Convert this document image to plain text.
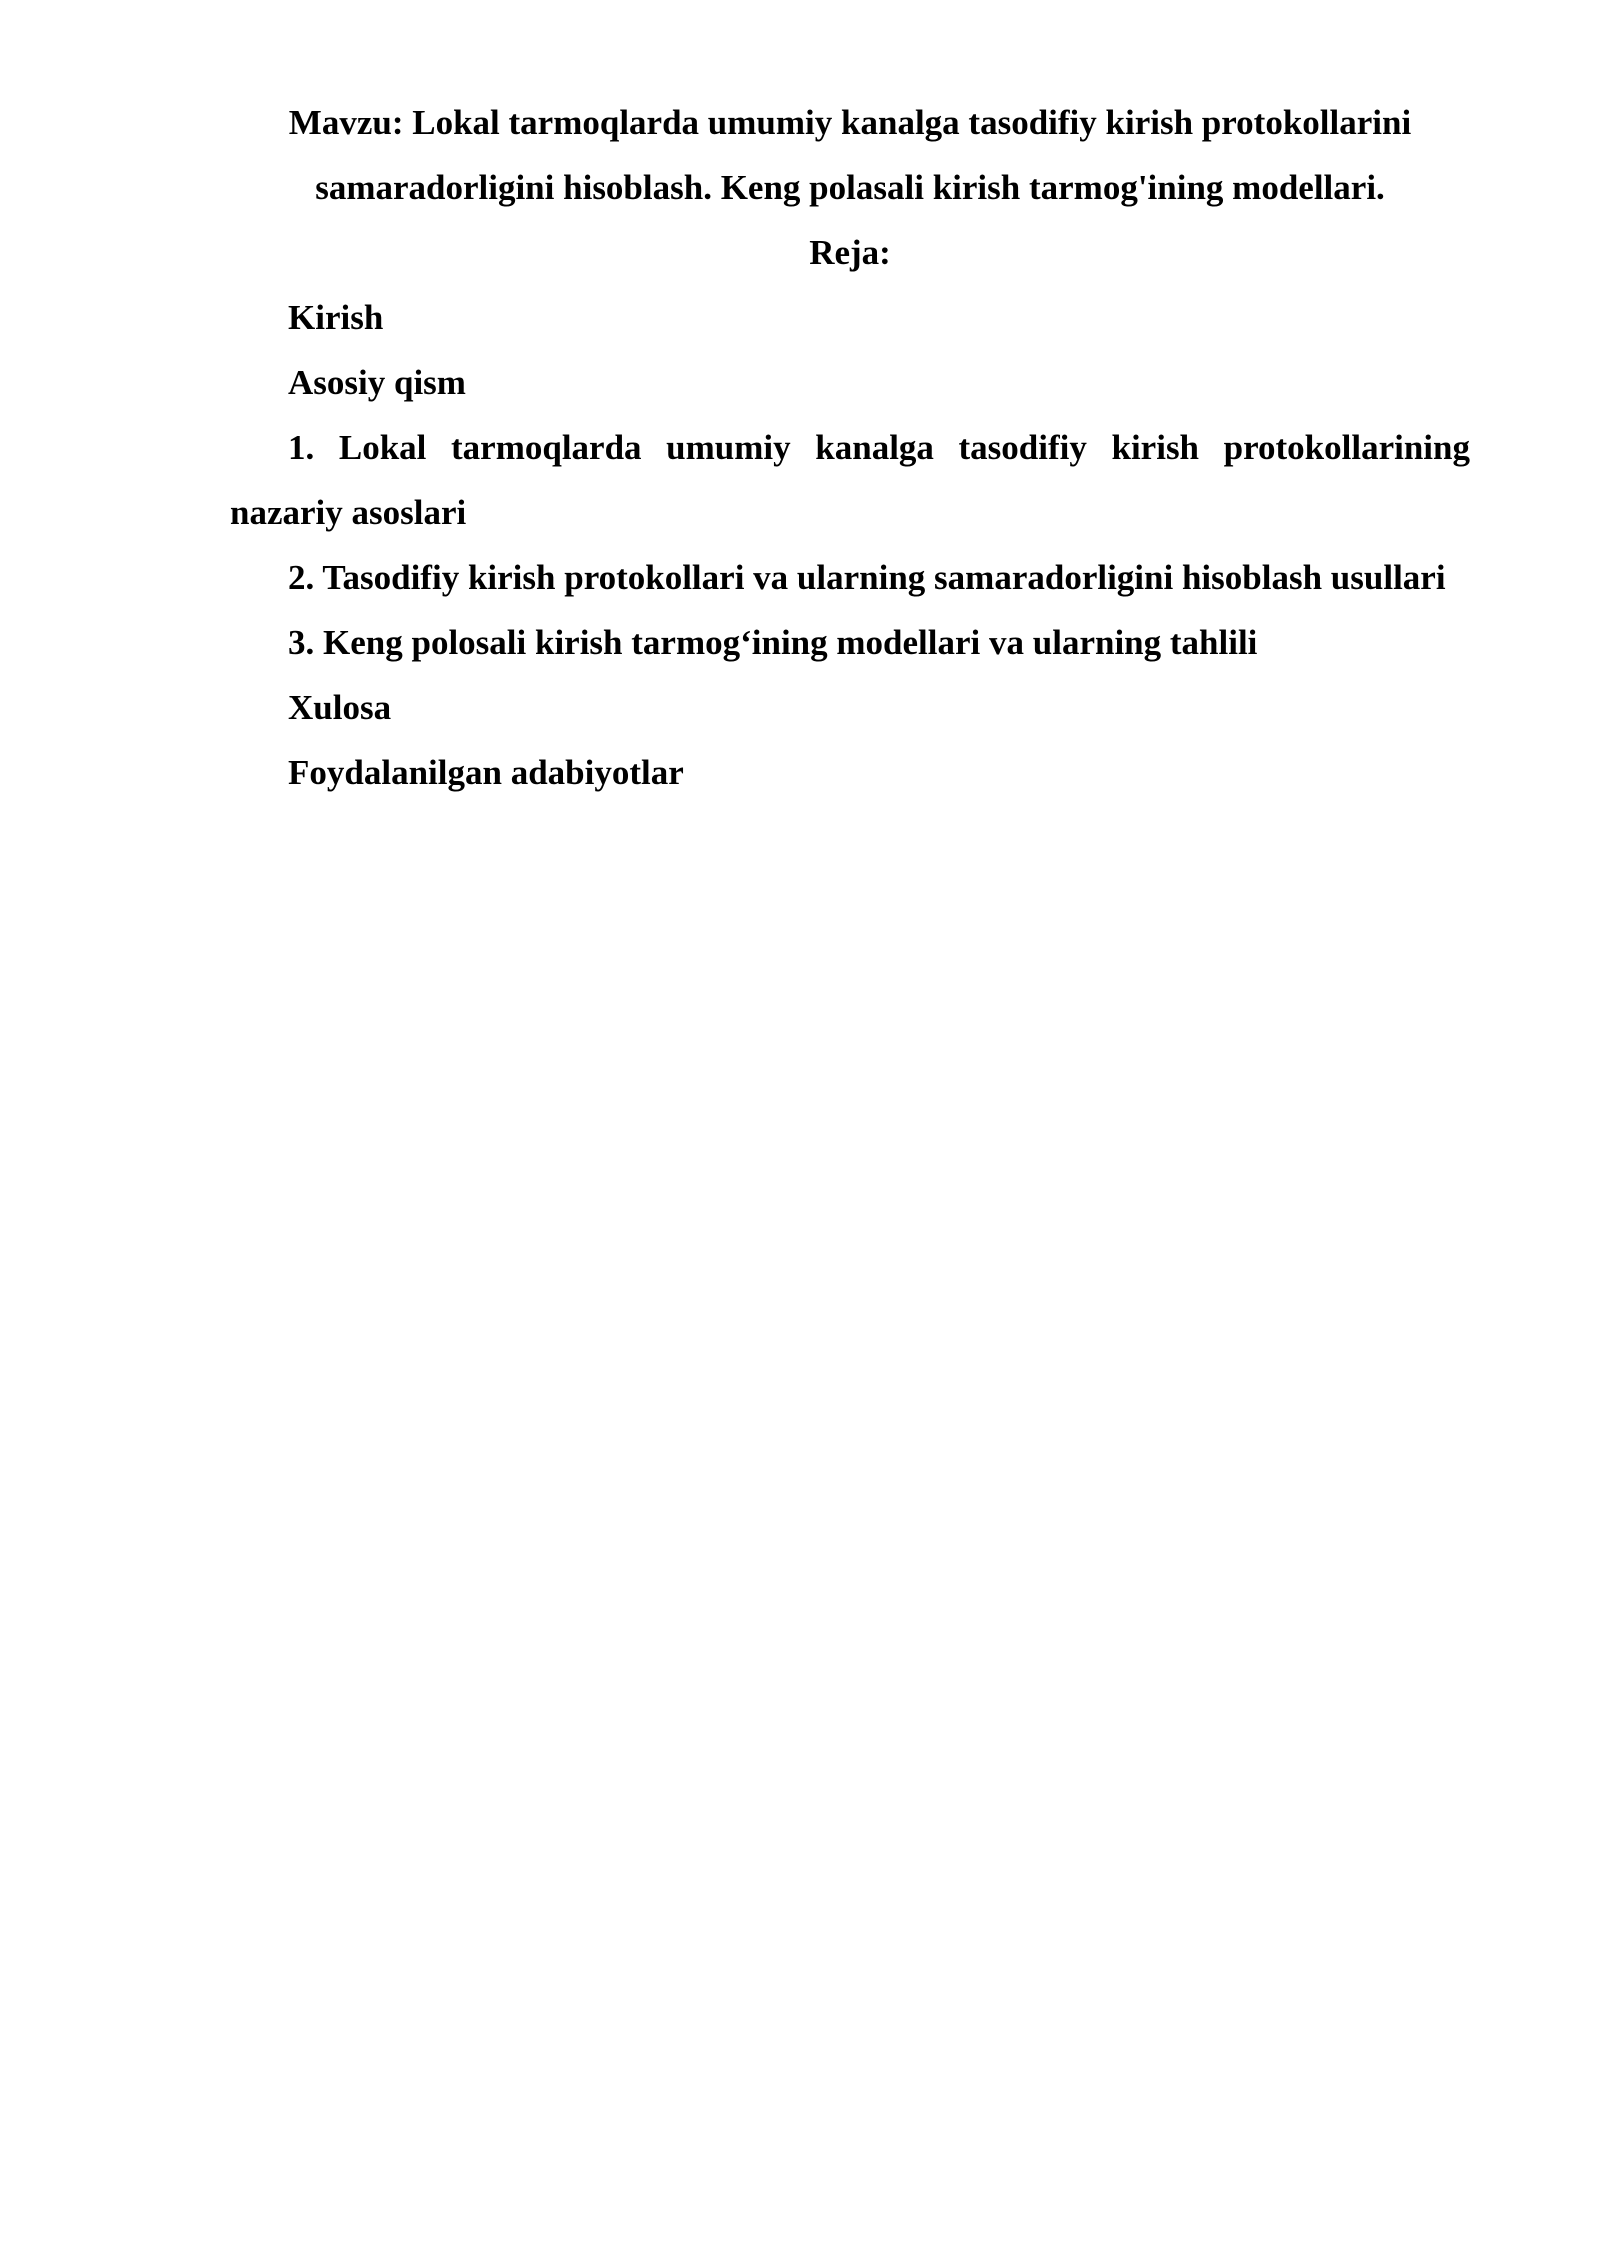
Mavzu: Lokal tarmoqlarda umumiy kanalga tasodifiy kirish protokollarini samaradorligini hisoblash. Keng polasali kirish tarmog'ining modellari.

Reja:

Kirish

Asosiy qism

1. Lokal tarmoqlarda umumiy kanalga tasodifiy kirish protokollarining nazariy asoslari

2. Tasodifiy kirish protokollari va ularning samaradorligini hisoblash usullari

3. Keng polosali kirish tarmog‘ining modellari va ularning tahlili

Xulosa

Foydalanilgan adabiyotlar
